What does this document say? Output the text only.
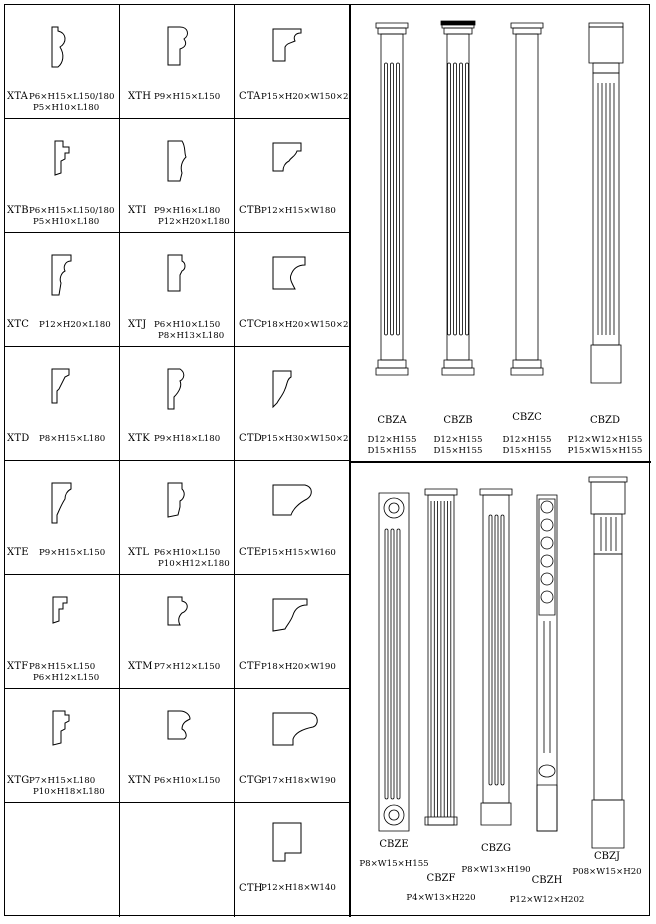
XTA P6×H15×L150/180
P5×H10×L180
XTH P9×H15×L150 CTA P15×H20×W150×2
XTB P6×H15×L150/180
P5×H10×L180
XTI P9×H16×L180
P12×H20×L180
CTB P12×H15×W180
XTC P12×H20×L180 XTJ P6×H10×L150
P8×H13×L180
CTC P18×H20×W150×2
XTD P8×H15×L180 XTK P9×H18×L180 CTD P15×H30×W150×2
XTE P9×H15×L150 XTL P6×H10×L150
P10×H12×L180
CTE P15×H15×W160
XTF P8×H15×L150
P6×H12×L150
XTM P7×H12×L150 CTF P18×H20×W190
XTG P7×H15×L180
P10×H18×L180
XTN P6×H10×L150 CTG P17×H18×W190
CTH
P12×H18×W140
CBZA
D12×H155
D15×H155
CBZB
D12×H155
D15×H155
CBZC
D12×H155
D15×H155
CBZD
P12×W12×H155
P15×W15×H155
CBZE
P8×W15×H155
CBZF
P4×W13×H220
CBZG
P8×W13×H190
CBZH
P12×W12×H202
CBZJ
P08×W15×H20
